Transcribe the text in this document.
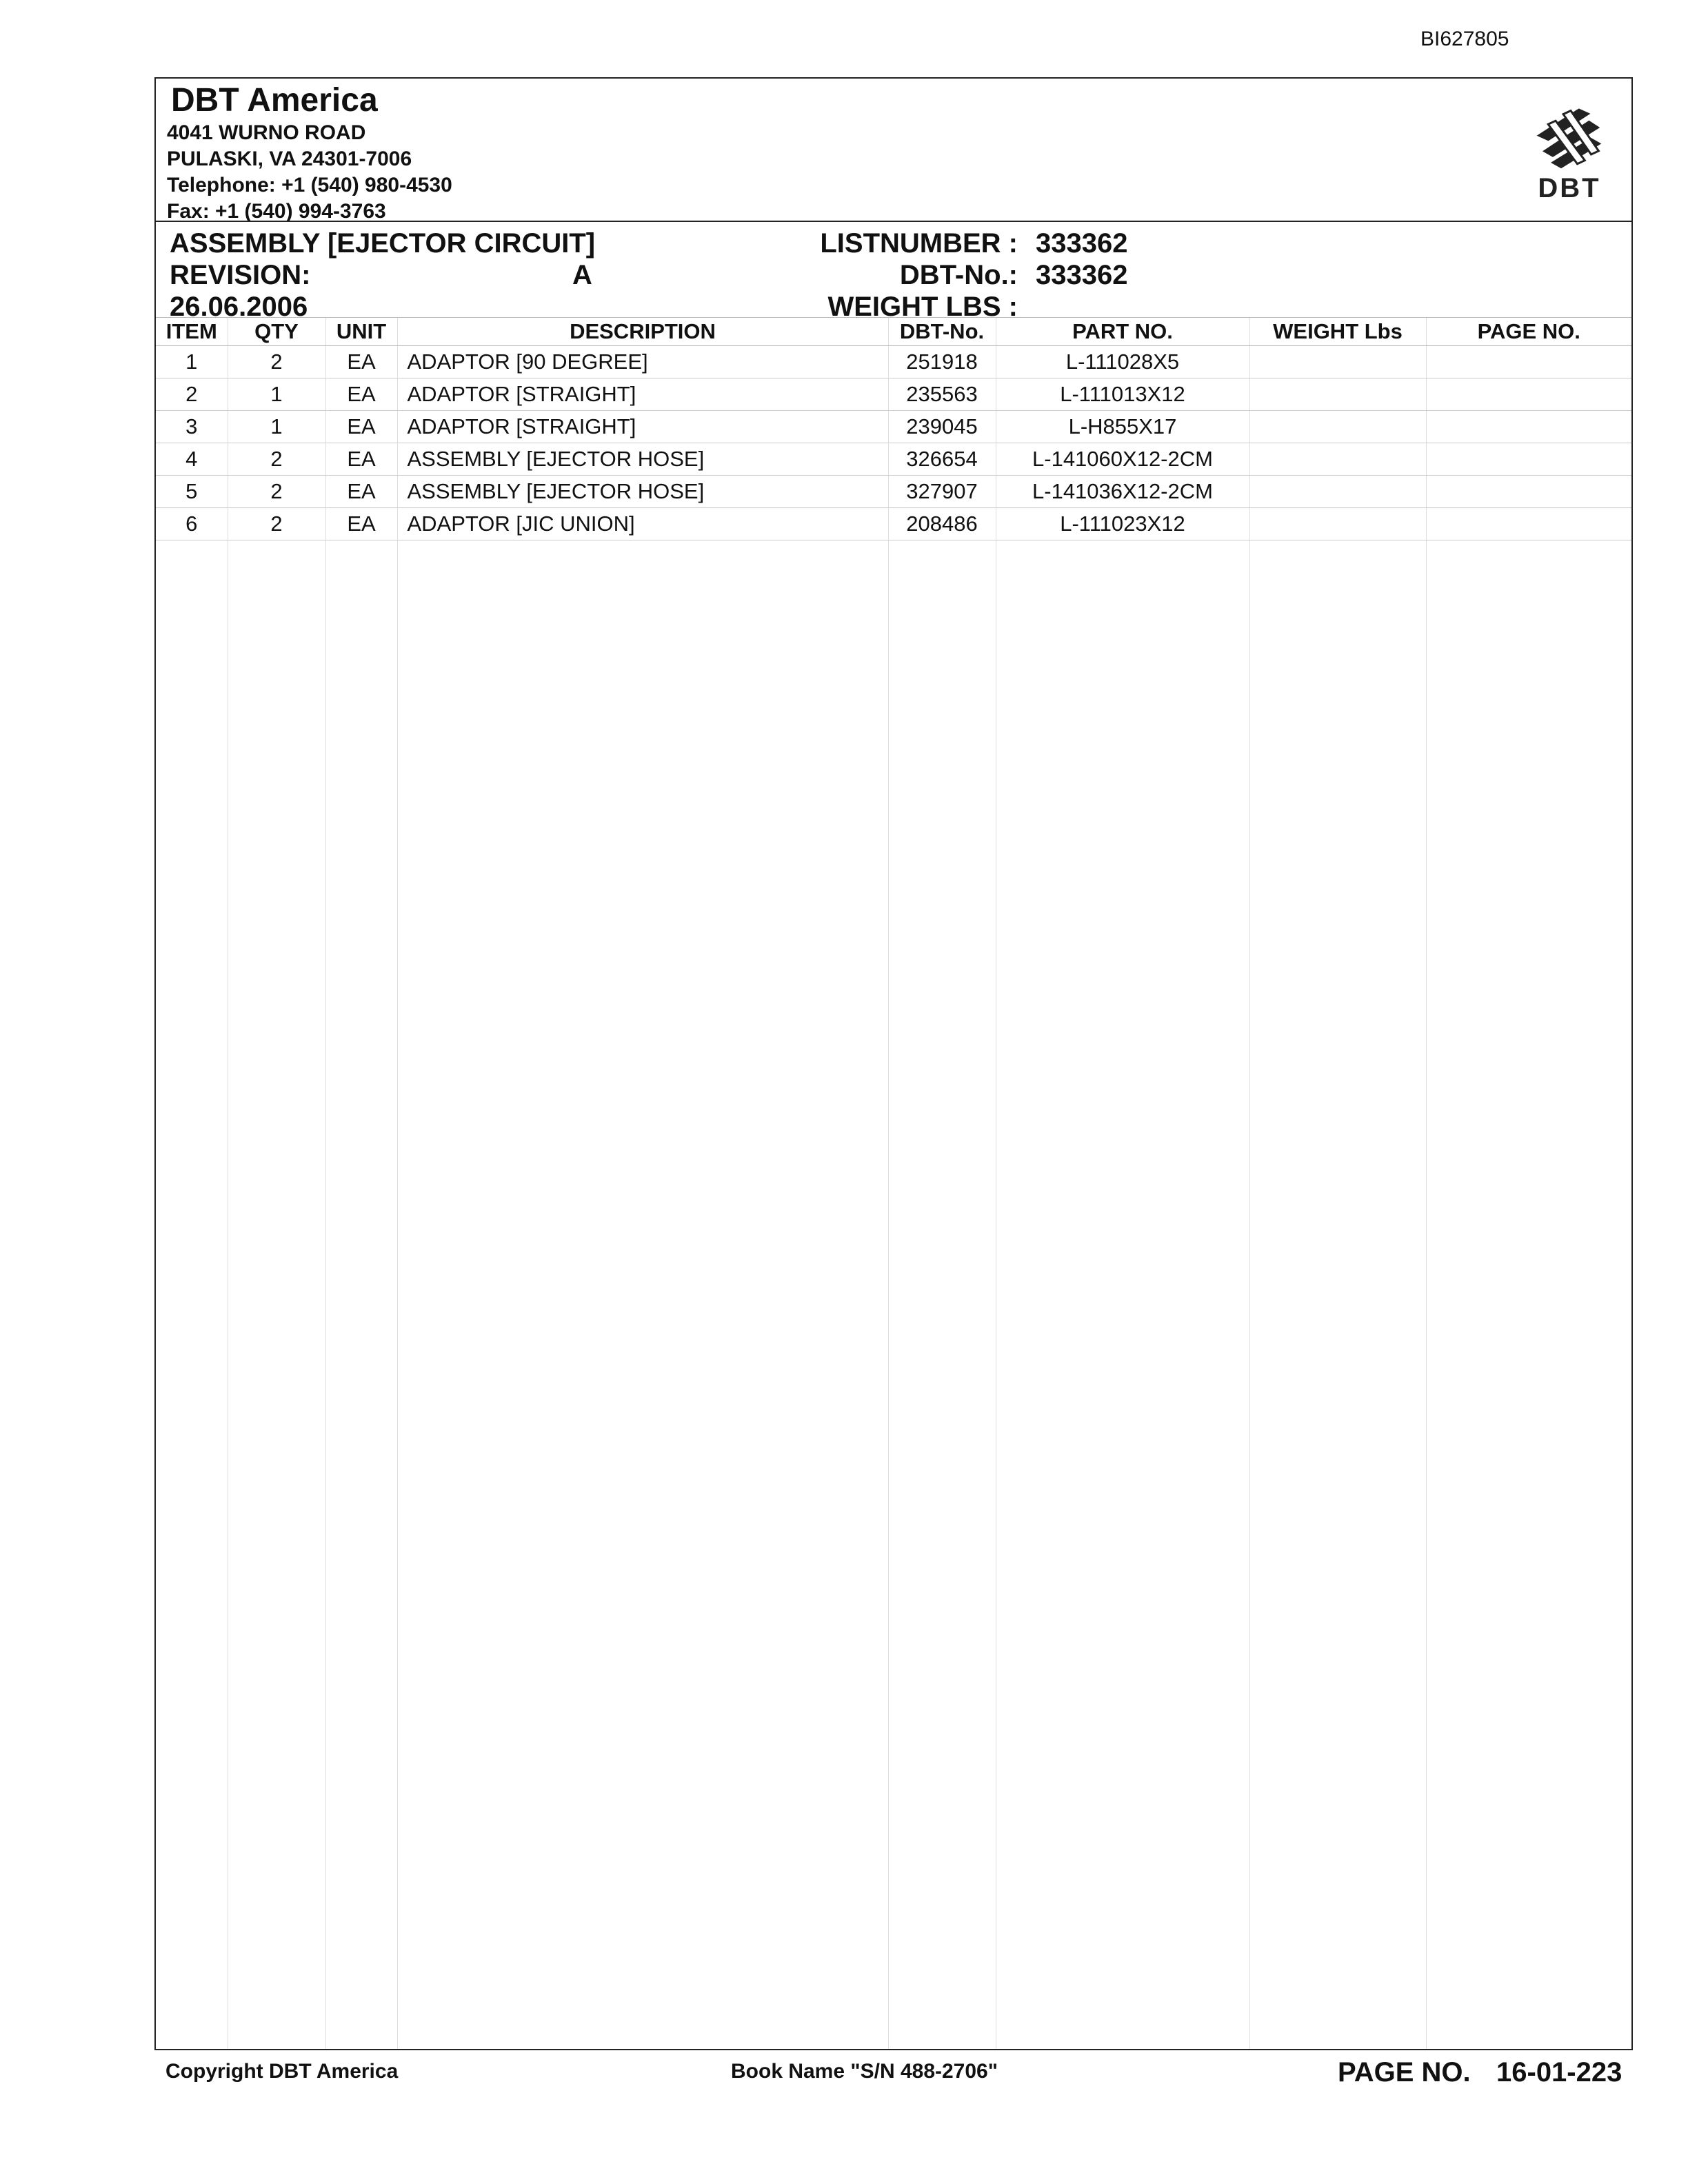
BI627805
DBT America
4041 WURNO ROAD
PULASKI, VA 24301-7006
Telephone: +1 (540) 980-4530
Fax: +1 (540) 994-3763
DBT
ASSEMBLY [EJECTOR CIRCUIT]
REVISION:	A
26.06.2006
LISTNUMBER : 333362
DBT-No.: 333362
WEIGHT LBS :
ITEM	QTY	UNIT	DESCRIPTION	DBT-No.	PART NO.	WEIGHT Lbs	PAGE NO.
1	2	EA	ADAPTOR [90 DEGREE]	251918	L-111028X5		
2	1	EA	ADAPTOR [STRAIGHT]	235563	L-111013X12		
3	1	EA	ADAPTOR [STRAIGHT]	239045	L-H855X17		
4	2	EA	ASSEMBLY [EJECTOR HOSE]	326654	L-141060X12-2CM		
5	2	EA	ASSEMBLY [EJECTOR HOSE]	327907	L-141036X12-2CM		
6	2	EA	ADAPTOR [JIC UNION]	208486	L-111023X12		
Copyright DBT America	Book Name "S/N 488-2706"	PAGE NO. 16-01-223
